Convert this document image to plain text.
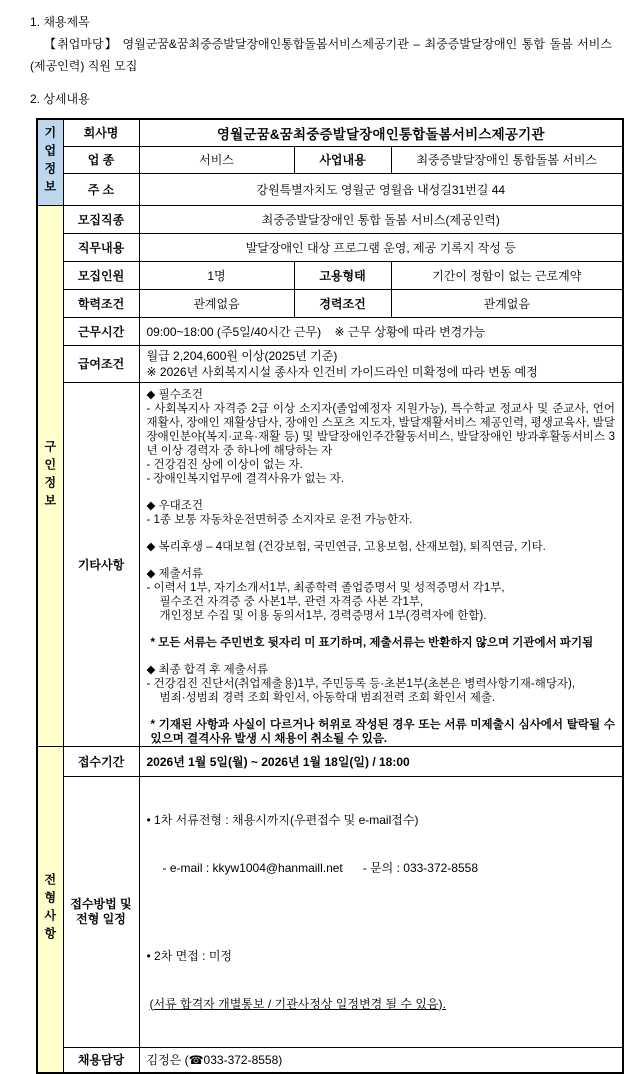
1. 채용제목

【취업마당】 영월군꿈&꿈최중증발달장애인통합돌봄서비스제공기관 – 최중증발달장애인 통합 돌봄 서비스

(제공인력) 직원 모집

2. 상세내용

기업정보	회사명	영월군꿈&꿈최중증발달장애인통합돌봄서비스제공기관		
	업 종	서비스	사업내용	최중증발달장애인 통합돌봄 서비스
	주 소	강원특별자치도 영월군 영월읍 내성길31번길 44		

구인정보	모집직종	최중증발달장애인 통합 돌봄 서비스(제공인력)		
	직무내용	발달장애인 대상 프로그램 운영, 제공 기록지 작성 등		
	모집인원	1명	고용형태	기간이 정함이 없는 근로계약
	학력조건	관계없음	경력조건	관계없음
	근무시간	09:00~18:00 (주5일/40시간 근무)    ※ 근무 상황에 따라 변경가능		
	급여조건	월급 2,204,600원 이상(2025년 기준)
※ 2026년 사회복지시설 종사자 인건비 가이드라인 미확정에 따라 변동 예정		

기타사항	
◆ 필수조건
- 사회복지사 자격증 2급 이상 소지자(졸업예정자 지원가능), 특수학교 정교사 및 준교사, 언어 재활사, 장애인 재활상담사, 장애인 스포츠 지도자, 발달재활서비스 제공인력, 평생교육사, 발달장애인분야(복지·교육·재활 등) 및 발달장애인주간활동서비스, 발달장애인 방과후활동서비스 3년 이상 경력자 중 하나에 해당하는 자
- 건강검진 상에 이상이 없는 자.
- 장애인복지업무에 결격사유가 없는 자.
◆ 우대조건
- 1종 보통 자동차운전면허증 소지자로 운전 가능한자.
◆ 복리후생 – 4대보험 (건강보험, 국민연금, 고용보험, 산재보험), 퇴직연금, 기타.
◆ 제출서류
- 이력서 1부, 자기소개서1부, 최종학력 졸업증명서 및 성적증명서 각1부,
필수조건 자격증 중 사본1부, 관련 자격증 사본 각1부,
개인정보 수집 및 이용 동의서1부, 경력증명서 1부(경력자에 한함).
* 모든 서류는 주민번호 뒷자리 미 표기하며, 제출서류는 반환하지 않으며 기관에서 파기됨
◆ 최종 합격 후 제출서류
- 건강검진 진단서(취업제출용)1부, 주민등록 등·초본1부(초본은 병력사항기재-해당자),
범죄·성범죄 경력 조회 확인서, 아동학대 범죄전력 조회 확인서 제출.
* 기재된 사항과 사실이 다르거나 허위로 작성된 경우 또는 서류 미제출시 심사에서 탈락될 수 있으며 결격사유 발생 시 채용이 취소될 수 있음.

전형사항	접수기간	2026년 1월 5일(월) ~ 2026년 1월 18일(일) / 18:00		

접수방법 및
전형 일정

• 1차 서류전형 : 채용시까지(우편접수 및 e-mail접수)

- e-mail : kkyw1004@hanmaill.net      - 문의 : 033-372-8558

• 2차 면접 : 미정

(서류 합격자 개별통보 / 기관사정상 일정변경 될 수 있음).

	채용담당	김정은 (☎033-372-8558)		
